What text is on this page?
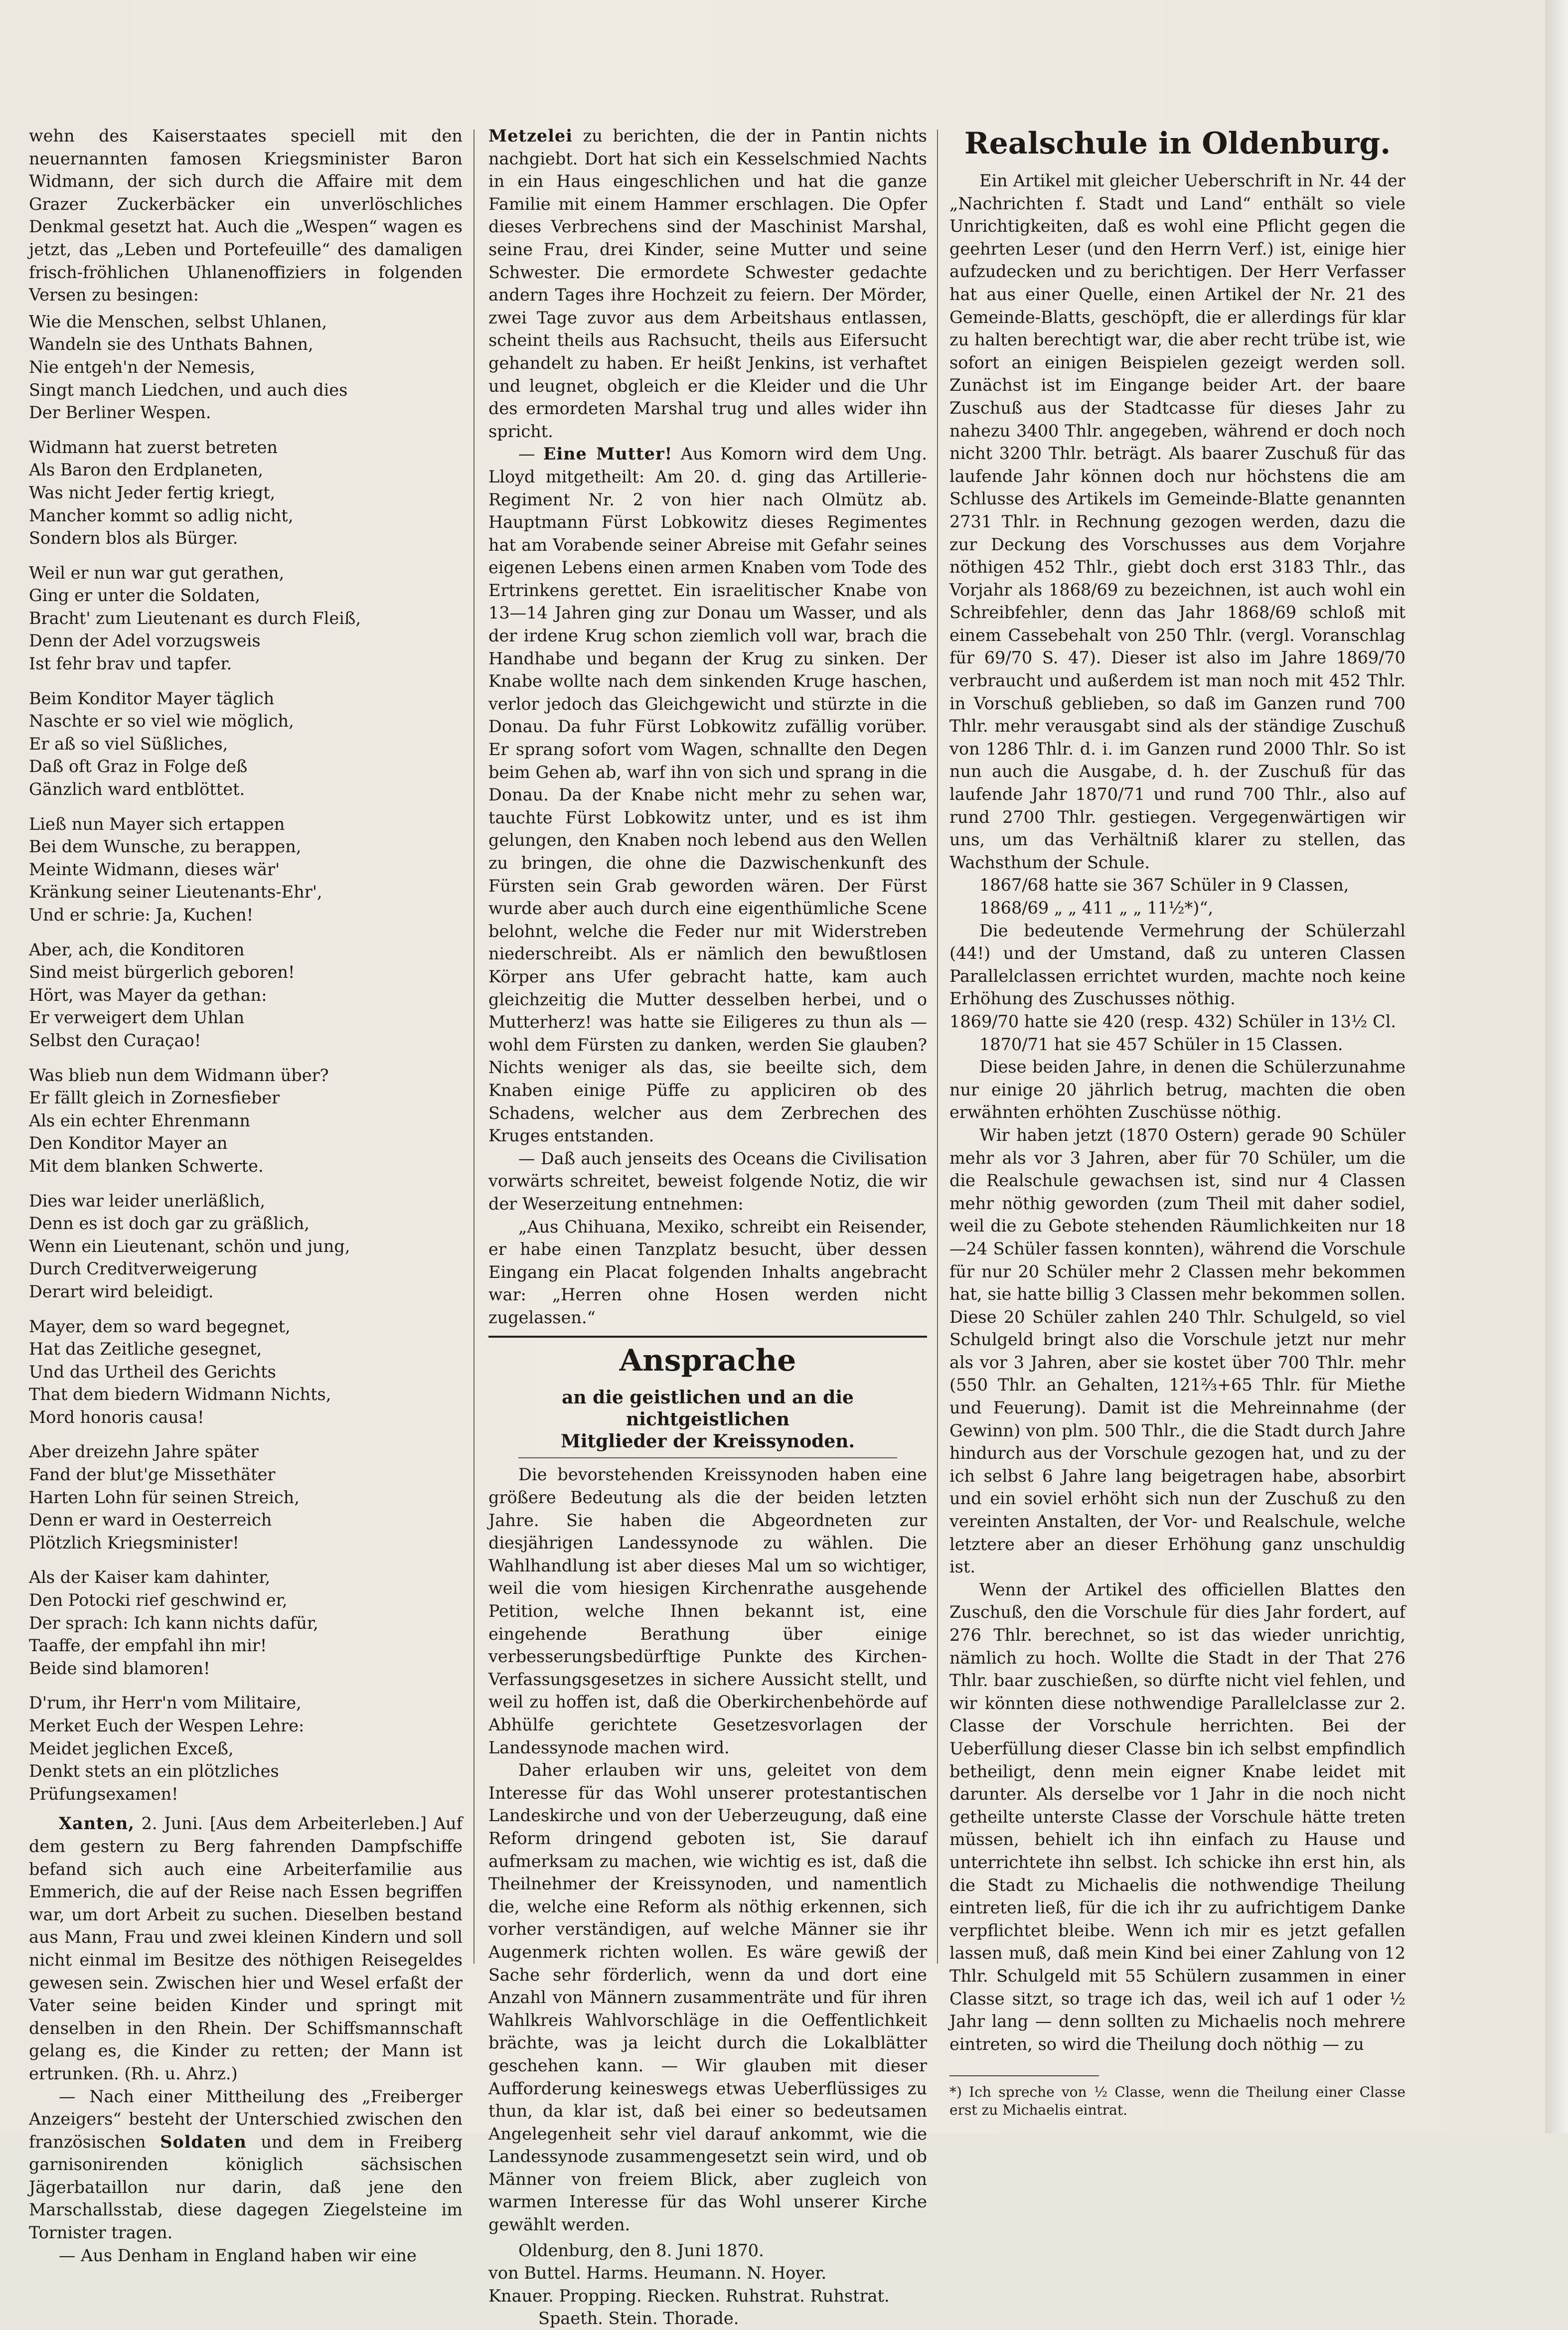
wehn des Kaiserstaates speciell mit den neuernannten famosen Kriegsminister Baron Widmann, der sich durch die Affaire mit dem Grazer Zuckerbäcker ein unverlöschliches Denkmal gesetzt hat. Auch die „Wespen“ wagen es jetzt, das „Leben und Portefeuille“ des damaligen frisch-fröhlichen Uhlanenoffiziers in folgenden Versen zu besingen:

Wie die Menschen, selbst Uhlanen,
Wandeln sie des Unthats Bahnen,
Nie entgeh'n der Nemesis,
Singt manch Liedchen, und auch dies
Der Berliner Wespen.
Widmann hat zuerst betreten
Als Baron den Erdplaneten,
Was nicht Jeder fertig kriegt,
Mancher kommt so adlig nicht,
Sondern blos als Bürger.
Weil er nun war gut gerathen,
Ging er unter die Soldaten,
Bracht' zum Lieutenant es durch Fleiß,
Denn der Adel vorzugsweis
Ist fehr brav und tapfer.
Beim Konditor Mayer täglich
Naschte er so viel wie möglich,
Er aß so viel Süßliches,
Daß oft Graz in Folge deß
Gänzlich ward entblöttet.
Ließ nun Mayer sich ertappen
Bei dem Wunsche, zu berappen,
Meinte Widmann, dieses wär'
Kränkung seiner Lieutenants-Ehr',
Und er schrie: Ja, Kuchen!
Aber, ach, die Konditoren
Sind meist bürgerlich geboren!
Hört, was Mayer da gethan:
Er verweigert dem Uhlan
Selbst den Curaçao!
Was blieb nun dem Widmann über?
Er fällt gleich in Zornesfieber
Als ein echter Ehrenmann
Den Konditor Mayer an
Mit dem blanken Schwerte.
Dies war leider unerläßlich,
Denn es ist doch gar zu gräßlich,
Wenn ein Lieutenant, schön und jung,
Durch Creditverweigerung
Derart wird beleidigt.
Mayer, dem so ward begegnet,
Hat das Zeitliche gesegnet,
Und das Urtheil des Gerichts
That dem biedern Widmann Nichts,
Mord honoris causa!
Aber dreizehn Jahre später
Fand der blut'ge Missethäter
Harten Lohn für seinen Streich,
Denn er ward in Oesterreich
Plötzlich Kriegsminister!
Als der Kaiser kam dahinter,
Den Potocki rief geschwind er,
Der sprach: Ich kann nichts dafür,
Taaffe, der empfahl ihn mir!
Beide sind blamoren!
D'rum, ihr Herr'n vom Militaire,
Merket Euch der Wespen Lehre:
Meidet jeglichen Exceß,
Denkt stets an ein plötzliches
Prüfungsexamen!

Xanten, 2. Juni. [Aus dem Arbeiterleben.] Auf dem gestern zu Berg fahrenden Dampfschiffe befand sich auch eine Arbeiterfamilie aus Emmerich, die auf der Reise nach Essen begriffen war, um dort Arbeit zu suchen. Dieselben bestand aus Mann, Frau und zwei kleinen Kindern und soll nicht einmal im Besitze des nöthigen Reisegeldes gewesen sein. Zwischen hier und Wesel erfaßt der Vater seine beiden Kinder und springt mit denselben in den Rhein. Der Schiffsmannschaft gelang es, die Kinder zu retten; der Mann ist ertrunken. (Rh. u. Ahrz.)

— Nach einer Mittheilung des „Freiberger Anzeigers“ besteht der Unterschied zwischen den französischen Soldaten und dem in Freiberg garnisonirenden königlich sächsischen Jägerbataillon nur darin, daß jene den Marschallsstab, diese dagegen Ziegelsteine im Tornister tragen.

— Aus Denham in England haben wir eine

Metzelei zu berichten, die der in Pantin nichts nachgiebt. Dort hat sich ein Kesselschmied Nachts in ein Haus eingeschlichen und hat die ganze Familie mit einem Hammer erschlagen. Die Opfer dieses Verbrechens sind der Maschinist Marshal, seine Frau, drei Kinder, seine Mutter und seine Schwester. Die ermordete Schwester gedachte andern Tages ihre Hochzeit zu feiern. Der Mörder, zwei Tage zuvor aus dem Arbeitshaus entlassen, scheint theils aus Rachsucht, theils aus Eifersucht gehandelt zu haben. Er heißt Jenkins, ist verhaftet und leugnet, obgleich er die Kleider und die Uhr des ermordeten Marshal trug und alles wider ihn spricht.

— Eine Mutter! Aus Komorn wird dem Ung. Lloyd mitgetheilt: Am 20. d. ging das Artillerie-Regiment Nr. 2 von hier nach Olmütz ab. Hauptmann Fürst Lobkowitz dieses Regimentes hat am Vorabende seiner Abreise mit Gefahr seines eigenen Lebens einen armen Knaben vom Tode des Ertrinkens gerettet. Ein israelitischer Knabe von 13—14 Jahren ging zur Donau um Wasser, und als der irdene Krug schon ziemlich voll war, brach die Handhabe und begann der Krug zu sinken. Der Knabe wollte nach dem sinkenden Kruge haschen, verlor jedoch das Gleichgewicht und stürzte in die Donau. Da fuhr Fürst Lobkowitz zufällig vorüber. Er sprang sofort vom Wagen, schnallte den Degen beim Gehen ab, warf ihn von sich und sprang in die Donau. Da der Knabe nicht mehr zu sehen war, tauchte Fürst Lobkowitz unter, und es ist ihm gelungen, den Knaben noch lebend aus den Wellen zu bringen, die ohne die Dazwischenkunft des Fürsten sein Grab geworden wären. Der Fürst wurde aber auch durch eine eigenthümliche Scene belohnt, welche die Feder nur mit Widerstreben niederschreibt. Als er nämlich den bewußtlosen Körper ans Ufer gebracht hatte, kam auch gleichzeitig die Mutter desselben herbei, und o Mutterherz! was hatte sie Eiligeres zu thun als — wohl dem Fürsten zu danken, werden Sie glauben? Nichts weniger als das, sie beeilte sich, dem Knaben einige Püffe zu appliciren ob des Schadens, welcher aus dem Zerbrechen des Kruges entstanden.

— Daß auch jenseits des Oceans die Civilisation vorwärts schreitet, beweist folgende Notiz, die wir der Weserzeitung entnehmen:

„Aus Chihuana, Mexiko, schreibt ein Reisender, er habe einen Tanzplatz besucht, über dessen Eingang ein Placat folgenden Inhalts angebracht war: „Herren ohne Hosen werden nicht zugelassen.“

Ansprache

an die geistlichen und an die nichtgeistlichen

Mitglieder der Kreissynoden.

Die bevorstehenden Kreissynoden haben eine größere Bedeutung als die der beiden letzten Jahre. Sie haben die Abgeordneten zur diesjährigen Landessynode zu wählen. Die Wahlhandlung ist aber dieses Mal um so wichtiger, weil die vom hiesigen Kirchenrathe ausgehende Petition, welche Ihnen bekannt ist, eine eingehende Berathung über einige verbesserungsbedürftige Punkte des Kirchen-Verfassungsgesetzes in sichere Aussicht stellt, und weil zu hoffen ist, daß die Oberkirchenbehörde auf Abhülfe gerichtete Gesetzesvorlagen der Landessynode machen wird.

Daher erlauben wir uns, geleitet von dem Interesse für das Wohl unserer protestantischen Landeskirche und von der Ueberzeugung, daß eine Reform dringend geboten ist, Sie darauf aufmerksam zu machen, wie wichtig es ist, daß die Theilnehmer der Kreissynoden, und namentlich die, welche eine Reform als nöthig erkennen, sich vorher verständigen, auf welche Männer sie ihr Augenmerk richten wollen. Es wäre gewiß der Sache sehr förderlich, wenn da und dort eine Anzahl von Männern zusammenträte und für ihren Wahlkreis Wahlvorschläge in die Oeffentlichkeit brächte, was ja leicht durch die Lokalblätter geschehen kann. — Wir glauben mit dieser Aufforderung keineswegs etwas Ueberflüssiges zu thun, da klar ist, daß bei einer so bedeutsamen Angelegenheit sehr viel darauf ankommt, wie die Landessynode zusammengesetzt sein wird, und ob Männer von freiem Blick, aber zugleich von warmen Interesse für das Wohl unserer Kirche gewählt werden.

Oldenburg, den 8. Juni 1870.

von Buttel. Harms. Heumann. N. Hoyer.

Knauer. Propping. Riecken. Ruhstrat. Ruhstrat.

Spaeth. Stein. Thorade.

Realschule in Oldenburg.

Ein Artikel mit gleicher Ueberschrift in Nr. 44 der „Nachrichten f. Stadt und Land“ enthält so viele Unrichtigkeiten, daß es wohl eine Pflicht gegen die geehrten Leser (und den Herrn Verf.) ist, einige hier aufzudecken und zu berichtigen. Der Herr Verfasser hat aus einer Quelle, einen Artikel der Nr. 21 des Gemeinde-Blatts, geschöpft, die er allerdings für klar zu halten berechtigt war, die aber recht trübe ist, wie sofort an einigen Beispielen gezeigt werden soll. Zunächst ist im Eingange beider Art. der baare Zuschuß aus der Stadtcasse für dieses Jahr zu nahezu 3400 Thlr. angegeben, während er doch noch nicht 3200 Thlr. beträgt. Als baarer Zuschuß für das laufende Jahr können doch nur höchstens die am Schlusse des Artikels im Gemeinde-Blatte genannten 2731 Thlr. in Rechnung gezogen werden, dazu die zur Deckung des Vorschusses aus dem Vorjahre nöthigen 452 Thlr., giebt doch erst 3183 Thlr., das Vorjahr als 1868/69 zu bezeichnen, ist auch wohl ein Schreibfehler, denn das Jahr 1868/69 schloß mit einem Cassebehalt von 250 Thlr. (vergl. Voranschlag für 69/70 S. 47). Dieser ist also im Jahre 1869/70 verbraucht und außerdem ist man noch mit 452 Thlr. in Vorschuß geblieben, so daß im Ganzen rund 700 Thlr. mehr verausgabt sind als der ständige Zuschuß von 1286 Thlr. d. i. im Ganzen rund 2000 Thlr. So ist nun auch die Ausgabe, d. h. der Zuschuß für das laufende Jahr 1870/71 und rund 700 Thlr., also auf rund 2700 Thlr. gestiegen. Vergegenwärtigen wir uns, um das Verhältniß klarer zu stellen, das Wachsthum der Schule.

1867/68 hatte sie 367 Schüler in 9 Classen,

1868/69 „ „ 411 „ „ 11½*)“,

Die bedeutende Vermehrung der Schülerzahl (44!) und der Umstand, daß zu unteren Classen Parallelclassen errichtet wurden, machte noch keine Erhöhung des Zuschusses nöthig.

1869/70 hatte sie 420 (resp. 432) Schüler in 13½ Cl.

1870/71 hat sie 457 Schüler in 15 Classen.

Diese beiden Jahre, in denen die Schülerzunahme nur einige 20 jährlich betrug, machten die oben erwähnten erhöhten Zuschüsse nöthig.

Wir haben jetzt (1870 Ostern) gerade 90 Schüler mehr als vor 3 Jahren, aber für 70 Schüler, um die die Realschule gewachsen ist, sind nur 4 Classen mehr nöthig geworden (zum Theil mit daher sodiel, weil die zu Gebote stehenden Räumlichkeiten nur 18—24 Schüler fassen konnten), während die Vorschule für nur 20 Schüler mehr 2 Classen mehr bekommen hat, sie hatte billig 3 Classen mehr bekommen sollen. Diese 20 Schüler zahlen 240 Thlr. Schulgeld, so viel Schulgeld bringt also die Vorschule jetzt nur mehr als vor 3 Jahren, aber sie kostet über 700 Thlr. mehr (550 Thlr. an Gehalten, 121⅔+65 Thlr. für Miethe und Feuerung). Damit ist die Mehreinnahme (der Gewinn) von plm. 500 Thlr., die die Stadt durch Jahre hindurch aus der Vorschule gezogen hat, und zu der ich selbst 6 Jahre lang beigetragen habe, absorbirt und ein soviel erhöht sich nun der Zuschuß zu den vereinten Anstalten, der Vor- und Realschule, welche letztere aber an dieser Erhöhung ganz unschuldig ist.

Wenn der Artikel des officiellen Blattes den Zuschuß, den die Vorschule für dies Jahr fordert, auf 276 Thlr. berechnet, so ist das wieder unrichtig, nämlich zu hoch. Wollte die Stadt in der That 276 Thlr. baar zuschießen, so dürfte nicht viel fehlen, und wir könnten diese nothwendige Parallelclasse zur 2. Classe der Vorschule herrichten. Bei der Ueberfüllung dieser Classe bin ich selbst empfindlich betheiligt, denn mein eigner Knabe leidet mit darunter. Als derselbe vor 1 Jahr in die noch nicht getheilte unterste Classe der Vorschule hätte treten müssen, behielt ich ihn einfach zu Hause und unterrichtete ihn selbst. Ich schicke ihn erst hin, als die Stadt zu Michaelis die nothwendige Theilung eintreten ließ, für die ich ihr zu aufrichtigem Danke verpflichtet bleibe. Wenn ich mir es jetzt gefallen lassen muß, daß mein Kind bei einer Zahlung von 12 Thlr. Schulgeld mit 55 Schülern zusammen in einer Classe sitzt, so trage ich das, weil ich auf 1 oder ½ Jahr lang — denn sollten zu Michaelis noch mehrere eintreten, so wird die Theilung doch nöthig — zu

*) Ich spreche von ½ Classe, wenn die Theilung einer Classe erst zu Michaelis eintrat.
